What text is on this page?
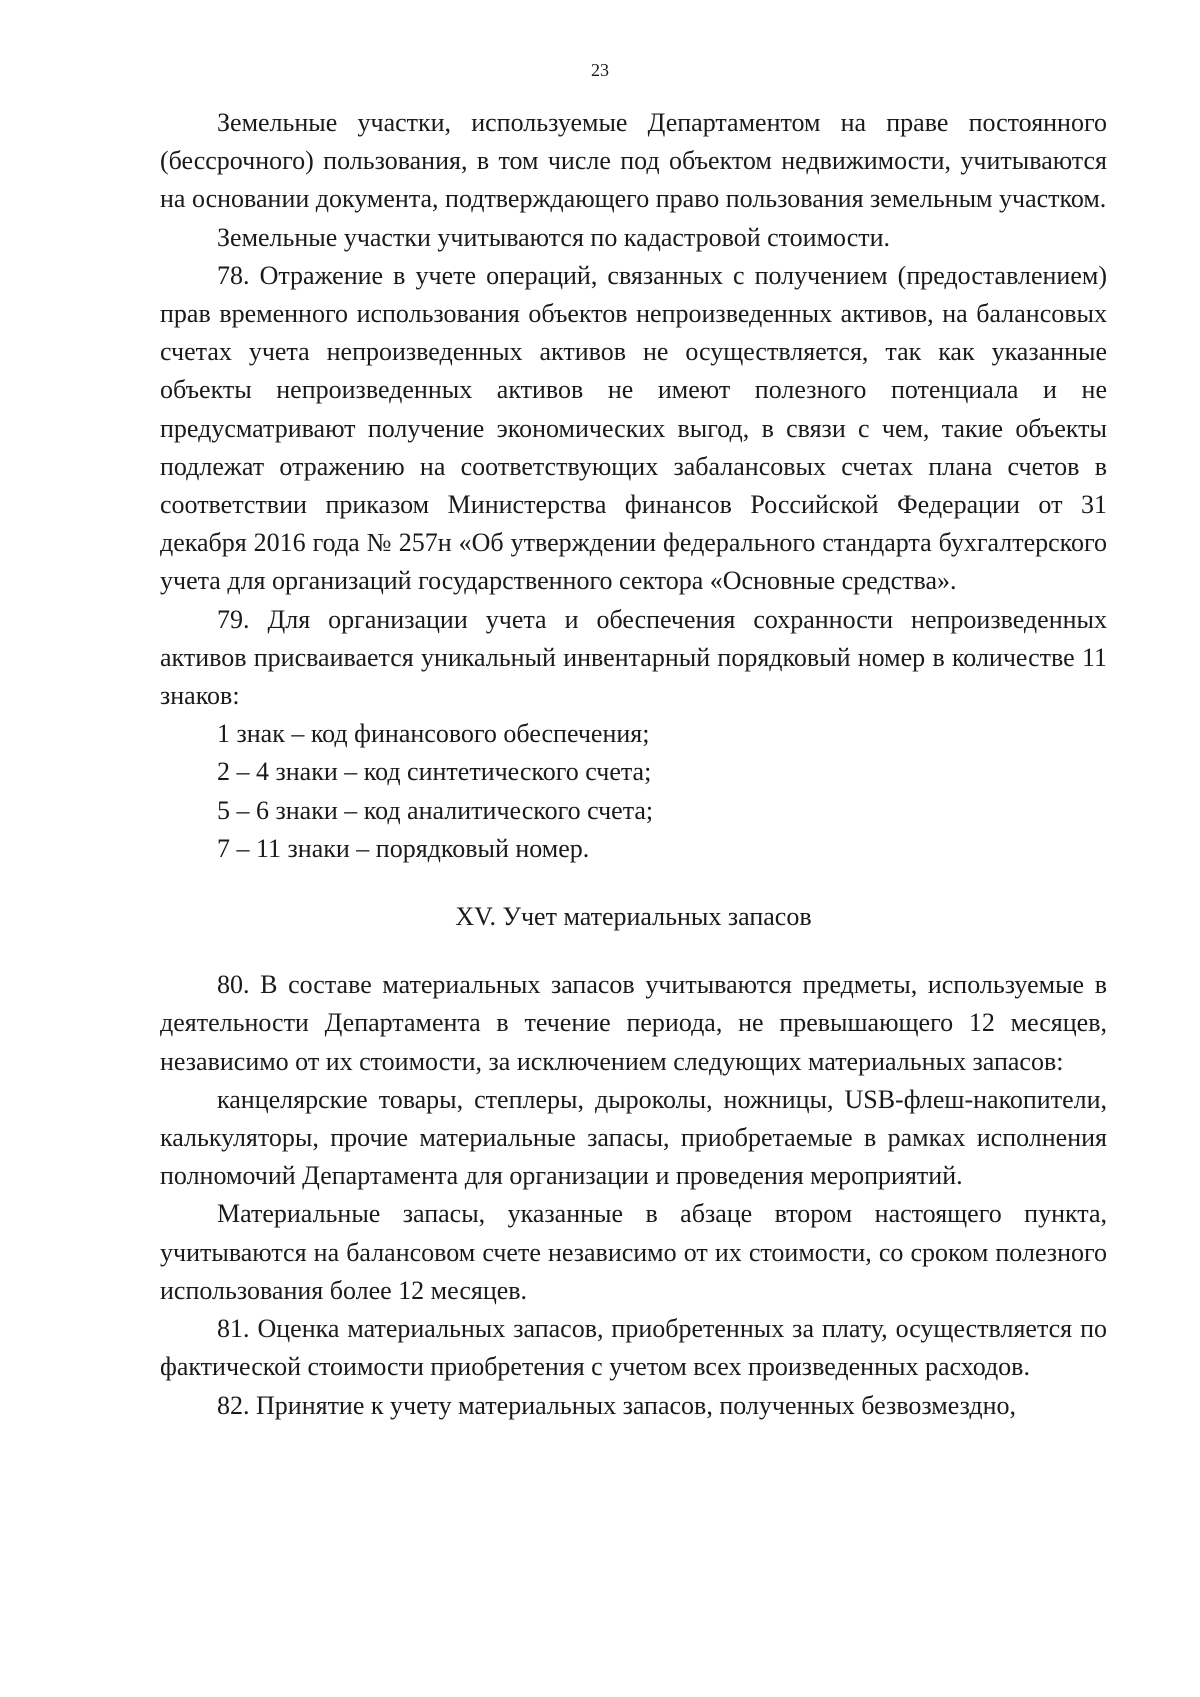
23
Земельные участки, используемые Департаментом на праве постоянного (бессрочного) пользования, в том числе под объектом недвижимости, учитываются на основании документа, подтверждающего право пользования земельным участком.
Земельные участки учитываются по кадастровой стоимости.
78. Отражение в учете операций, связанных с получением (предоставлением) прав временного использования объектов непроизведенных активов, на балансовых счетах учета непроизведенных активов не осуществляется, так как указанные объекты непроизведенных активов не имеют полезного потенциала и не предусматривают получение экономических выгод, в связи с чем, такие объекты подлежат отражению на соответствующих забалансовых счетах плана счетов в соответствии приказом Министерства финансов Российской Федерации от 31 декабря 2016 года № 257н «Об утверждении федерального стандарта бухгалтерского учета для организаций государственного сектора «Основные средства».
79. Для организации учета и обеспечения сохранности непроизведенных активов присваивается уникальный инвентарный порядковый номер в количестве 11 знаков:
1 знак – код финансового обеспечения;
2 – 4 знаки – код синтетического счета;
5 – 6 знаки – код аналитического счета;
7 – 11 знаки – порядковый номер.
XV. Учет материальных запасов
80. В составе материальных запасов учитываются предметы, используемые в деятельности Департамента в течение периода, не превышающего 12 месяцев, независимо от их стоимости, за исключением следующих материальных запасов:
канцелярские товары, степлеры, дыроколы, ножницы, USB-флеш-накопители, калькуляторы, прочие материальные запасы, приобретаемые в рамках исполнения полномочий Департамента для организации и проведения мероприятий.
Материальные запасы, указанные в абзаце втором настоящего пункта, учитываются на балансовом счете независимо от их стоимости, со сроком полезного использования более 12 месяцев.
81. Оценка материальных запасов, приобретенных за плату, осуществляется по фактической стоимости приобретения с учетом всех произведенных расходов.
82. Принятие к учету материальных запасов, полученных безвозмездно,
